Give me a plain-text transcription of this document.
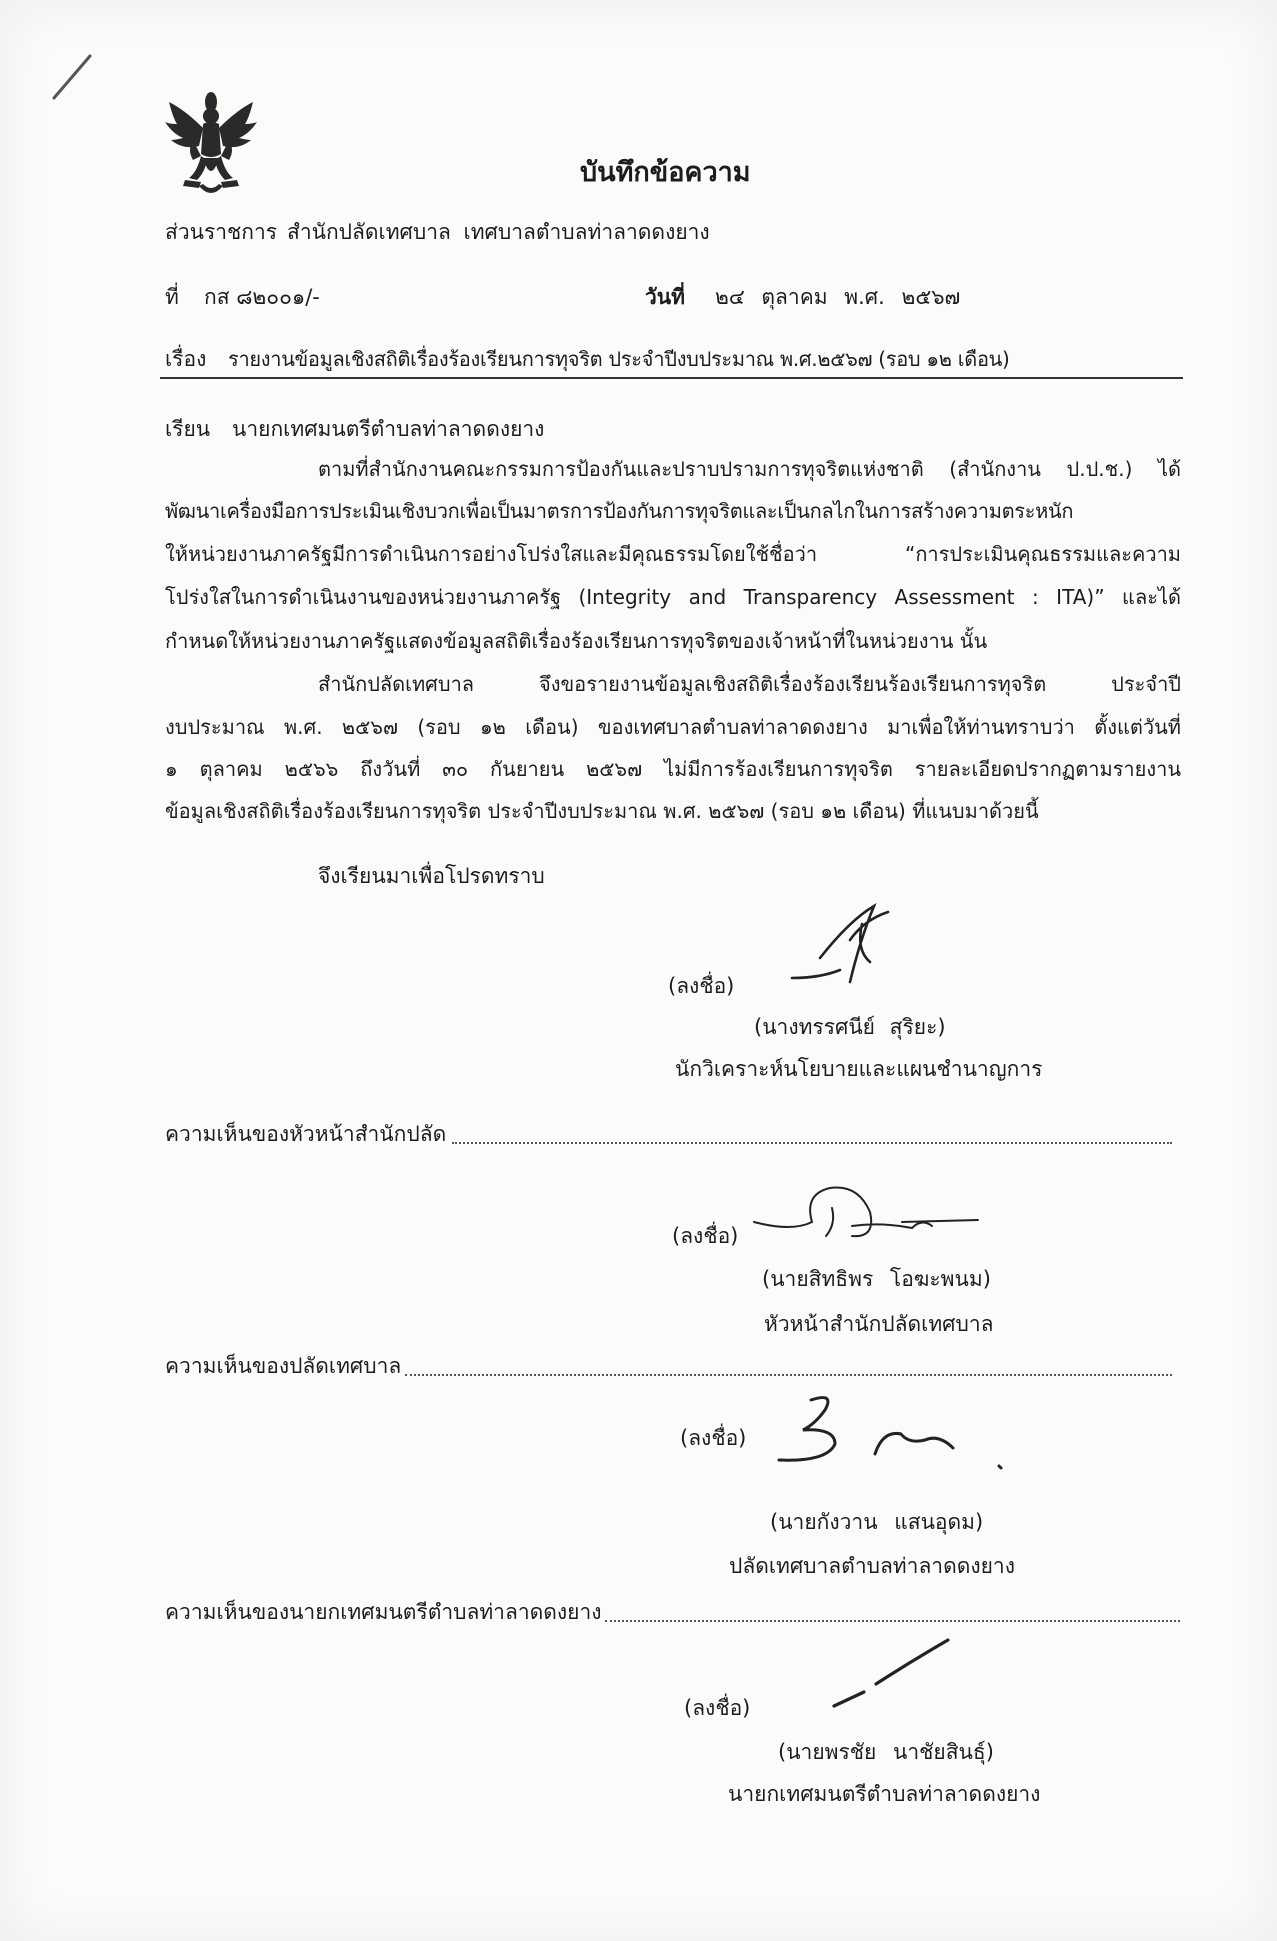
บันทึกข้อความ
ส่วนราชการ สำนักปลัดเทศบาล เทศบาลตำบลท่าลาดดงยาง
ที่ กส ๘๒๐๐๑/-	วันที่ ๒๔ ตุลาคม พ.ศ. ๒๕๖๗
เรื่อง รายงานข้อมูลเชิงสถิติเรื่องร้องเรียนการทุจริต ประจำปีงบประมาณ พ.ศ.๒๕๖๗ (รอบ ๑๒ เดือน)
เรียน นายกเทศมนตรีตำบลท่าลาดดงยาง
ตามที่สำนักงานคณะกรรมการป้องกันและปราบปรามการทุจริตแห่งชาติ (สำนักงาน ป.ป.ช.) ได้
พัฒนาเครื่องมือการประเมินเชิงบวกเพื่อเป็นมาตรการป้องกันการทุจริตและเป็นกลไกในการสร้างความตระหนัก
ให้หน่วยงานภาครัฐมีการดำเนินการอย่างโปร่งใสและมีคุณธรรมโดยใช้ชื่อว่า “การประเมินคุณธรรมและความ
โปร่งใสในการดำเนินงานของหน่วยงานภาครัฐ (Integrity and Transparency Assessment : ITA)” และได้
กำหนดให้หน่วยงานภาครัฐแสดงข้อมูลสถิติเรื่องร้องเรียนการทุจริตของเจ้าหน้าที่ในหน่วยงาน นั้น
สำนักปลัดเทศบาล จึงขอรายงานข้อมูลเชิงสถิติเรื่องร้องเรียนร้องเรียนการทุจริต ประจำปี
งบประมาณ พ.ศ. ๒๕๖๗ (รอบ ๑๒ เดือน) ของเทศบาลตำบลท่าลาดดงยาง มาเพื่อให้ท่านทราบว่า ตั้งแต่วันที่
๑ ตุลาคม ๒๕๖๖ ถึงวันที่ ๓๐ กันยายน ๒๕๖๗ ไม่มีการร้องเรียนการทุจริต รายละเอียดปรากฏตามรายงาน
ข้อมูลเชิงสถิติเรื่องร้องเรียนการทุจริต ประจำปีงบประมาณ พ.ศ. ๒๕๖๗ (รอบ ๑๒ เดือน) ที่แนบมาด้วยนี้
จึงเรียนมาเพื่อโปรดทราบ
(ลงชื่อ)
(นางทรรศนีย์ สุริยะ)
นักวิเคราะห์นโยบายและแผนชำนาญการ
ความเห็นของหัวหน้าสำนักปลัด
(ลงชื่อ)
(นายสิทธิพร โอฆะพนม)
หัวหน้าสำนักปลัดเทศบาล
ความเห็นของปลัดเทศบาล
(ลงชื่อ)
(นายกังวาน แสนอุดม)
ปลัดเทศบาลตำบลท่าลาดดงยาง
ความเห็นของนายกเทศมนตรีตำบลท่าลาดดงยาง
(ลงชื่อ)
(นายพรชัย นาชัยสินธุ์)
นายกเทศมนตรีตำบลท่าลาดดงยาง
